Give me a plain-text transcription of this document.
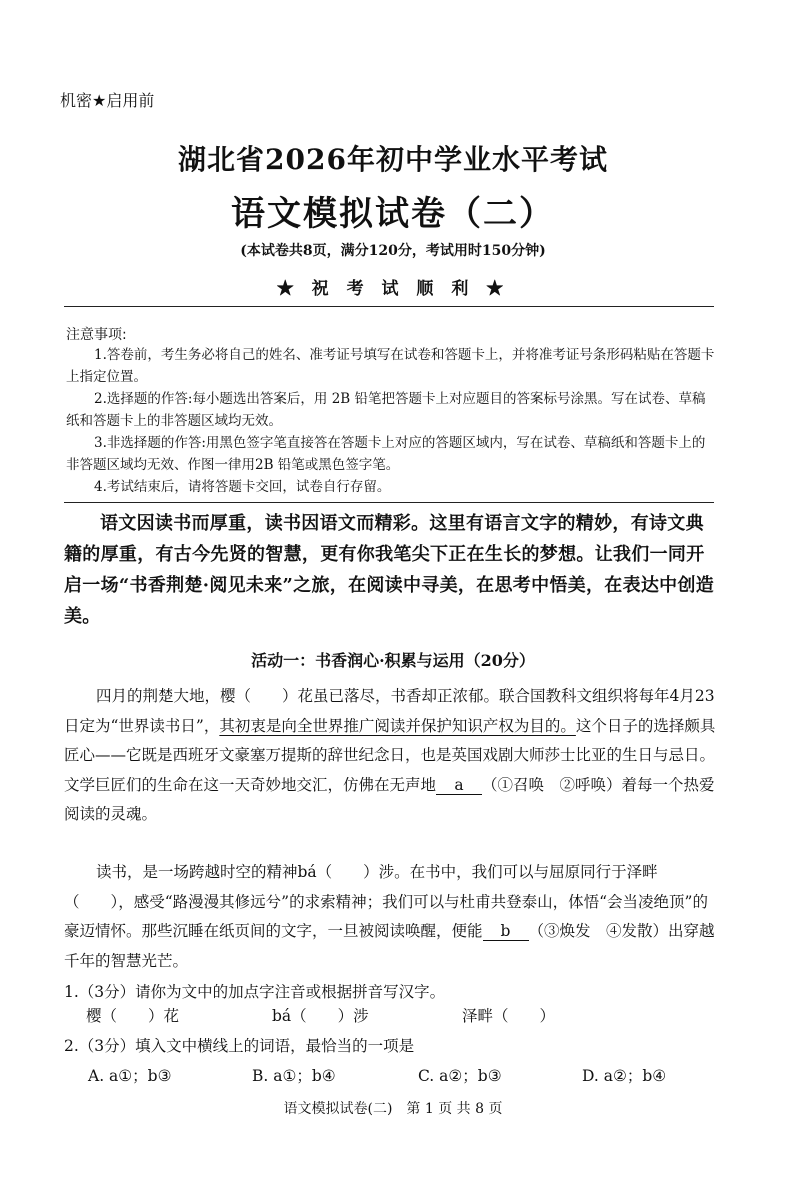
机密★启用前
湖北省2026年初中学业水平考试
语文模拟试卷（二）
(本试卷共8页，满分120分，考试用时150分钟)
★ 祝 考 试 顺 利 ★
注意事项:
1.答卷前，考生务必将自己的姓名、准考证号填写在试卷和答题卡上，并将准考证号条形码粘贴在答题卡上指定位置。
2.选择题的作答:每小题选出答案后，用 2B 铅笔把答题卡上对应题目的答案标号涂黑。写在试卷、草稿纸和答题卡上的非答题区域均无效。
3.非选择题的作答:用黑色签字笔直接答在答题卡上对应的答题区域内，写在试卷、草稿纸和答题卡上的非答题区域均无效、作图一律用2B 铅笔或黑色签字笔。
4.考试结束后，请将答题卡交回，试卷自行存留。
语文因读书而厚重，读书因语文而精彩。这里有语言文字的精妙，有诗文典籍的厚重，有古今先贤的智慧，更有你我笔尖下正在生长的梦想。让我们一同开启一场“书香荆楚·阅见未来”之旅，在阅读中寻美，在思考中悟美，在表达中创造美。
活动一：书香润心·积累与运用（20分）
四月的荆楚大地，樱（　　）花虽已落尽，书香却正浓郁。联合国教科文组织将每年4月23日定为“世界读书日”，其初衷是向全世界推广阅读并保护知识产权为目的。这个日子的选择颇具匠心——它既是西班牙文豪塞万提斯的辞世纪念日，也是英国戏剧大师莎士比亚的生日与忌日。文学巨匠们的生命在这一天奇妙地交汇，仿佛在无声地 a （①召唤　②呼唤）着每一个热爱阅读的灵魂。
读书，是一场跨越时空的精神bá（　　）涉。在书中，我们可以与屈原同行于泽畔（　　），感受“路漫漫其修远兮”的求索精神；我们可以与杜甫共登泰山，体悟“会当凌绝顶”的豪迈情怀。那些沉睡在纸页间的文字，一旦被阅读唤醒，便能 b （③焕发　④发散）出穿越千年的智慧光芒。
1.（3分）请你为文中的加点字注音或根据拼音写汉字。
樱（　　）花	bá（　　）涉	泽畔（　　）
2.（3分）填入文中横线上的词语，最恰当的一项是
A. a①；b③	B. a①；b④	C. a②；b③	D. a②；b④
语文模拟试卷(二)　第 1 页 共 8 页
